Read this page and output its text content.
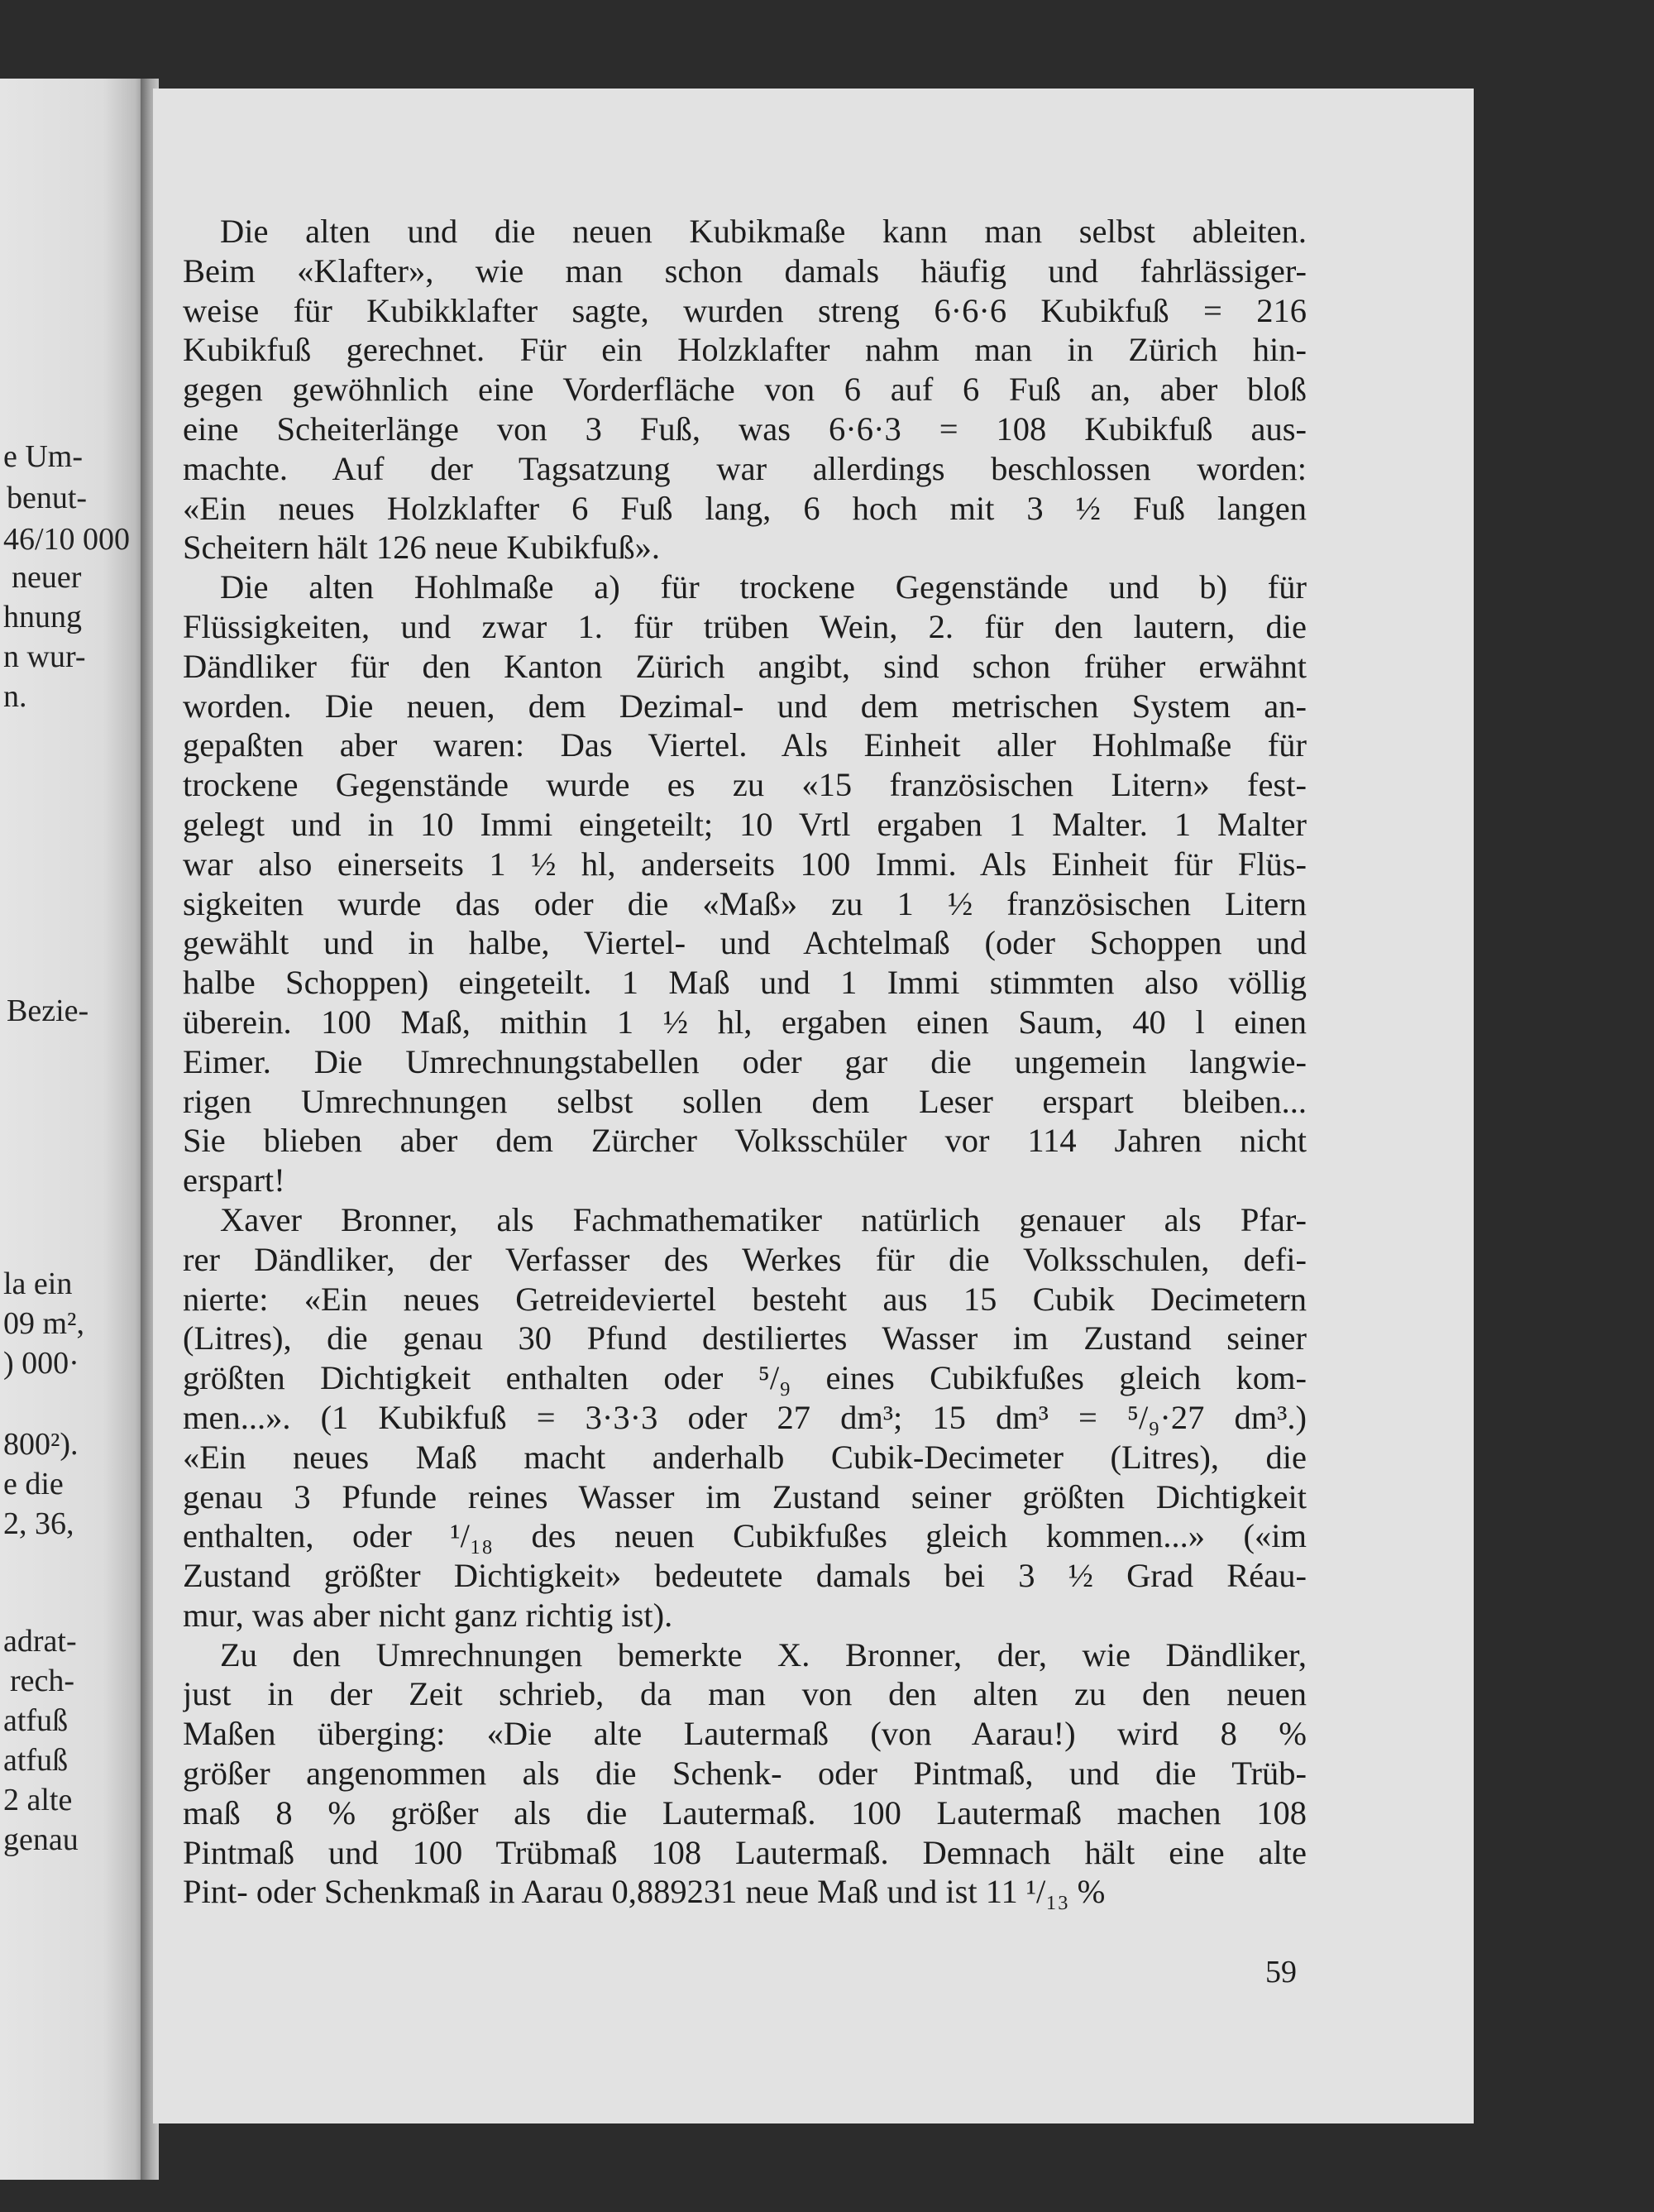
e Um-
benut-
46/10 000
neuer
hnung
n wur-
n.
Bezie-
la ein
09 m²,
) 000·
800²).
e die
2, 36,
adrat-
rech-
atfuß
atfuß
2 alte
genau
Die alten und die neuen Kubikmaße kann man selbst ableiten.
Beim «Klafter», wie man schon damals häufig und fahrlässiger-
weise für Kubikklafter sagte, wurden streng 6·6·6 Kubikfuß = 216
Kubikfuß gerechnet. Für ein Holzklafter nahm man in Zürich hin-
gegen gewöhnlich eine Vorderfläche von 6 auf 6 Fuß an, aber bloß
eine Scheiterlänge von 3 Fuß, was 6·6·3 = 108 Kubikfuß aus-
machte. Auf der Tagsatzung war allerdings beschlossen worden:
«Ein neues Holzklafter 6 Fuß lang, 6 hoch mit 3 ½ Fuß langen
Scheitern hält 126 neue Kubikfuß».
Die alten Hohlmaße a) für trockene Gegenstände und b) für
Flüssigkeiten, und zwar 1. für trüben Wein, 2. für den lautern, die
Dändliker für den Kanton Zürich angibt, sind schon früher erwähnt
worden. Die neuen, dem Dezimal- und dem metrischen System an-
gepaßten aber waren: Das Viertel. Als Einheit aller Hohlmaße für
trockene Gegenstände wurde es zu «15 französischen Litern» fest-
gelegt und in 10 Immi eingeteilt; 10 Vrtl ergaben 1 Malter. 1 Malter
war also einerseits 1 ½ hl, anderseits 100 Immi. Als Einheit für Flüs-
sigkeiten wurde das oder die «Maß» zu 1 ½ französischen Litern
gewählt und in halbe, Viertel- und Achtelmaß (oder Schoppen und
halbe Schoppen) eingeteilt. 1 Maß und 1 Immi stimmten also völlig
überein. 100 Maß, mithin 1 ½ hl, ergaben einen Saum, 40 l einen
Eimer. Die Umrechnungstabellen oder gar die ungemein langwie-
rigen Umrechnungen selbst sollen dem Leser erspart bleiben...
Sie blieben aber dem Zürcher Volksschüler vor 114 Jahren nicht
erspart!
Xaver Bronner, als Fachmathematiker natürlich genauer als Pfar-
rer Dändliker, der Verfasser des Werkes für die Volksschulen, defi-
nierte: «Ein neues Getreideviertel besteht aus 15 Cubik Decimetern
(Litres), die genau 30 Pfund destiliertes Wasser im Zustand seiner
größten Dichtigkeit enthalten oder ⁵/₉ eines Cubikfußes gleich kom-
men...». (1 Kubikfuß = 3·3·3 oder 27 dm³; 15 dm³ = ⁵/₉·27 dm³.)
«Ein neues Maß macht anderhalb Cubik-Decimeter (Litres), die
genau 3 Pfunde reines Wasser im Zustand seiner größten Dichtigkeit
enthalten, oder ¹/₁₈ des neuen Cubikfußes gleich kommen...» («im
Zustand größter Dichtigkeit» bedeutete damals bei 3 ½ Grad Réau-
mur, was aber nicht ganz richtig ist).
Zu den Umrechnungen bemerkte X. Bronner, der, wie Dändliker,
just in der Zeit schrieb, da man von den alten zu den neuen
Maßen überging: «Die alte Lautermaß (von Aarau!) wird 8 %
größer angenommen als die Schenk- oder Pintmaß, und die Trüb-
maß 8 % größer als die Lautermaß. 100 Lautermaß machen 108
Pintmaß und 100 Trübmaß 108 Lautermaß. Demnach hält eine alte
Pint- oder Schenkmaß in Aarau 0,889231 neue Maß und ist 11 ¹/₁₃ %
59
